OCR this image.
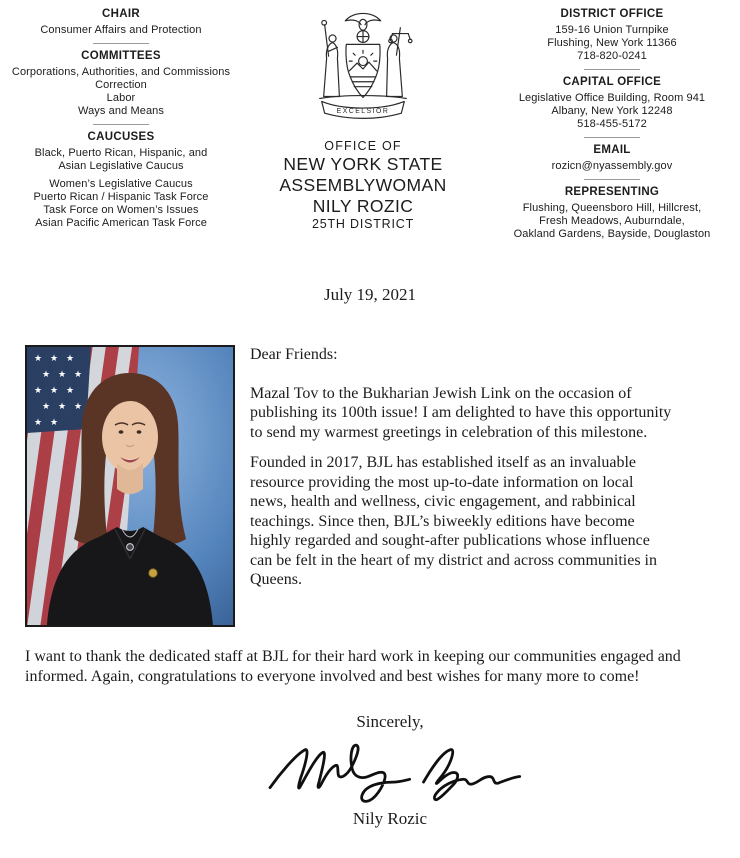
CHAIR
Consumer Affairs and Protection
COMMITTEES
Corporations, Authorities, and Commissions
Correction
Labor
Ways and Means
CAUCUSES
Black, Puerto Rican, Hispanic, and
Asian Legislative Caucus
Women’s Legislative Caucus
Puerto Rican / Hispanic Task Force
Task Force on Women’s Issues
Asian Pacific American Task Force
EXCELSIOR
OFFICE OF
NEW YORK STATE
ASSEMBLYWOMAN
NILY ROZIC
25TH DISTRICT
DISTRICT OFFICE
159-16 Union Turnpike
Flushing, New York 11366
718-820-0241
CAPITAL OFFICE
Legislative Office Building, Room 941
Albany, New York 12248
518-455-5172
EMAIL
rozicn@nyassembly.gov
REPRESENTING
Flushing, Queensboro Hill, Hillcrest,
Fresh Meadows, Auburndale,
Oakland Gardens, Bayside, Douglaston
July 19, 2021
★ ★ ★
★ ★ ★
★ ★ ★
★ ★ ★
★ ★

Dear Friends:

Mazal Tov to the Bukharian Jewish Link on the occasion of publishing its 100th issue! I am delighted to have this opportunity to send my warmest greetings in celebration of this milestone.

Founded in 2017, BJL has established itself as an invaluable resource providing the most up-to-date information on local news, health and wellness, civic engagement, and rabbinical teachings. Since then, BJL’s biweekly editions have become highly regarded and sought-after publications whose influence can be felt in the heart of my district and across communities in Queens.

I want to thank the dedicated staff at BJL for their hard work in keeping our communities engaged and informed. Again, congratulations to everyone involved and best wishes for many more to come!

Sincerely,
Nily Rozic
